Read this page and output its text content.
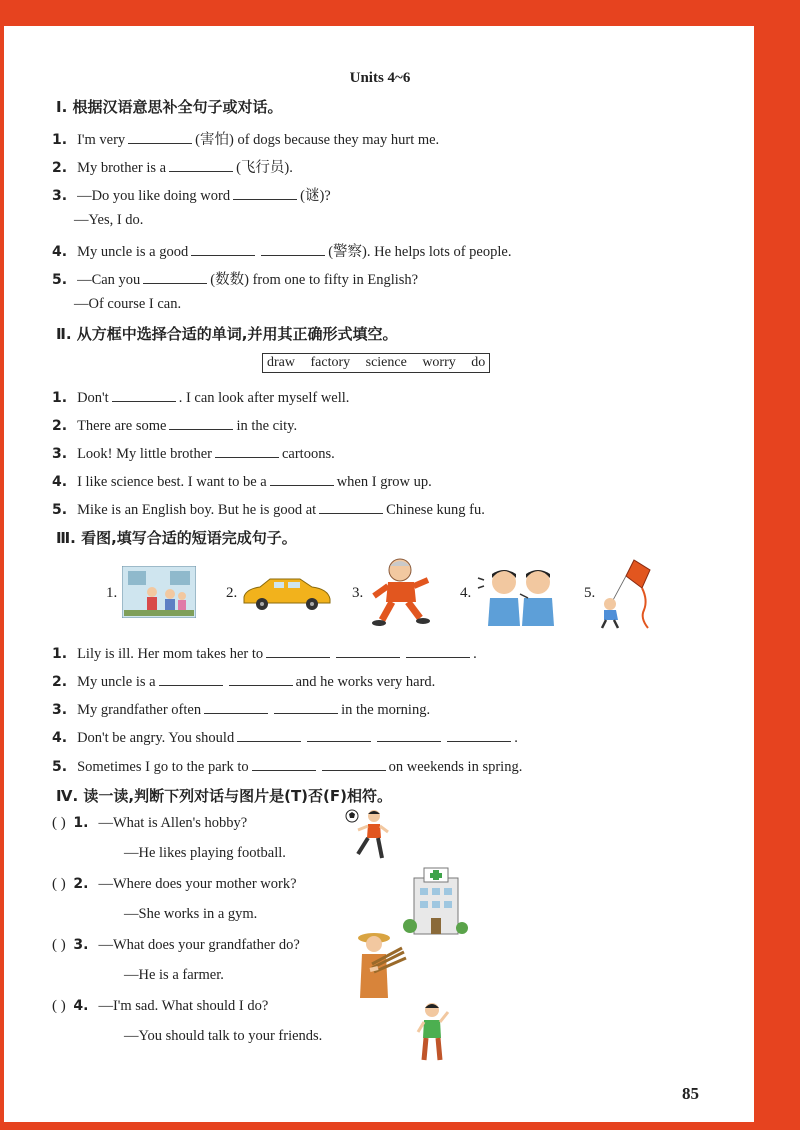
Units 4~6
Ⅰ. 根据汉语意思补全句子或对话。
1. I'm very	(害怕) of dogs because they may hurt me.
2. My brother is a	(飞行员).
3. —Do you like doing word	(谜)?
—Yes, I do.
4. My uncle is a good	(警察). He helps lots of people.
5. —Can you	(数数) from one to fifty in English?
—Of course I can.
Ⅱ. 从方框中选择合适的单词,并用其正确形式填空。
draw factory science worry do
1. Don't	. I can look after myself well.
2. There are some	in the city.
3. Look! My little brother	cartoons.
4. I like science best. I want to be a	when I grow up.
5. Mike is an English boy. But he is good at	Chinese kung fu.
Ⅲ. 看图,填写合适的短语完成句子。
1.	2.	3.	4.	5.
1. Lily is ill. Her mom takes her to	.
2. My uncle is a	and he works very hard.
3. My grandfather often	in the morning.
4. Don't be angry. You should	.
5. Sometimes I go to the park to	on weekends in spring.
Ⅳ. 读一读,判断下列对话与图片是(T)否(F)相符。
( ) 1. —What is Allen's hobby?
—He likes playing football.
( ) 2. —Where does your mother work?
—She works in a gym.
( ) 3. —What does your grandfather do?
—He is a farmer.
( ) 4. —I'm sad. What should I do?
—You should talk to your friends.
85
